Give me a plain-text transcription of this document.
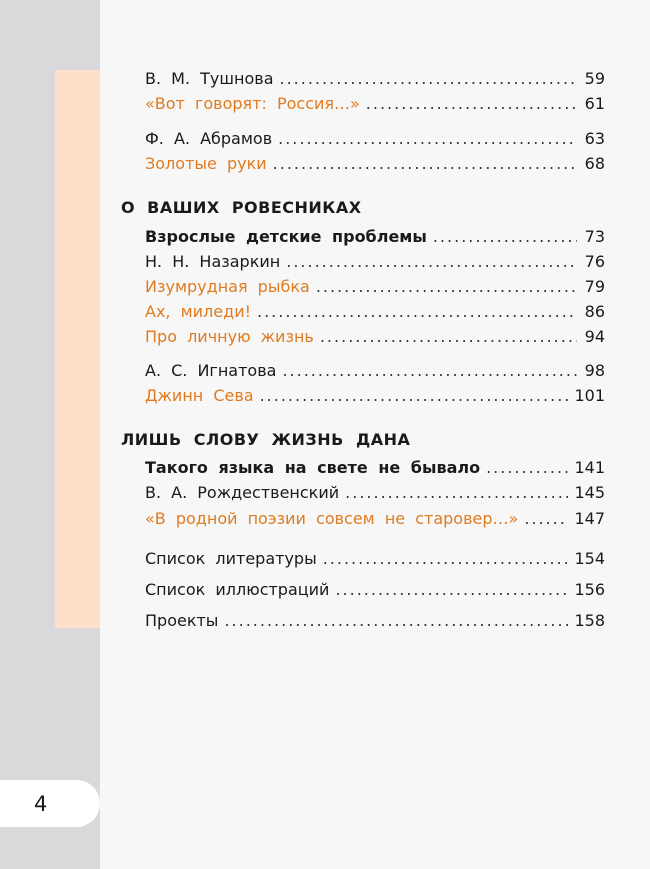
4
В. М. Тушнова .....	59
«Вот говорят: Россия…» .....	61
Ф. А. Абрамов .....	63
Золотые руки .....	68
О ВАШИХ РОВЕСНИКАХ
Взрослые детские проблемы .....	73
Н. Н. Назаркин .....	76
Изумрудная рыбка .....	79
Ах, миледи! .....	86
Про личную жизнь .....	94
А. С. Игнатова .....	98
Джинн Сева .....	101
ЛИШЬ СЛОВУ ЖИЗНЬ ДАНА
Такого языка на свете не бывало .....	141
В. А. Рождественский .....	145
«В родной поэзии совсем не старовер…» .....	147
Список литературы .....	154
Список иллюстраций .....	156
Проекты .....	158
